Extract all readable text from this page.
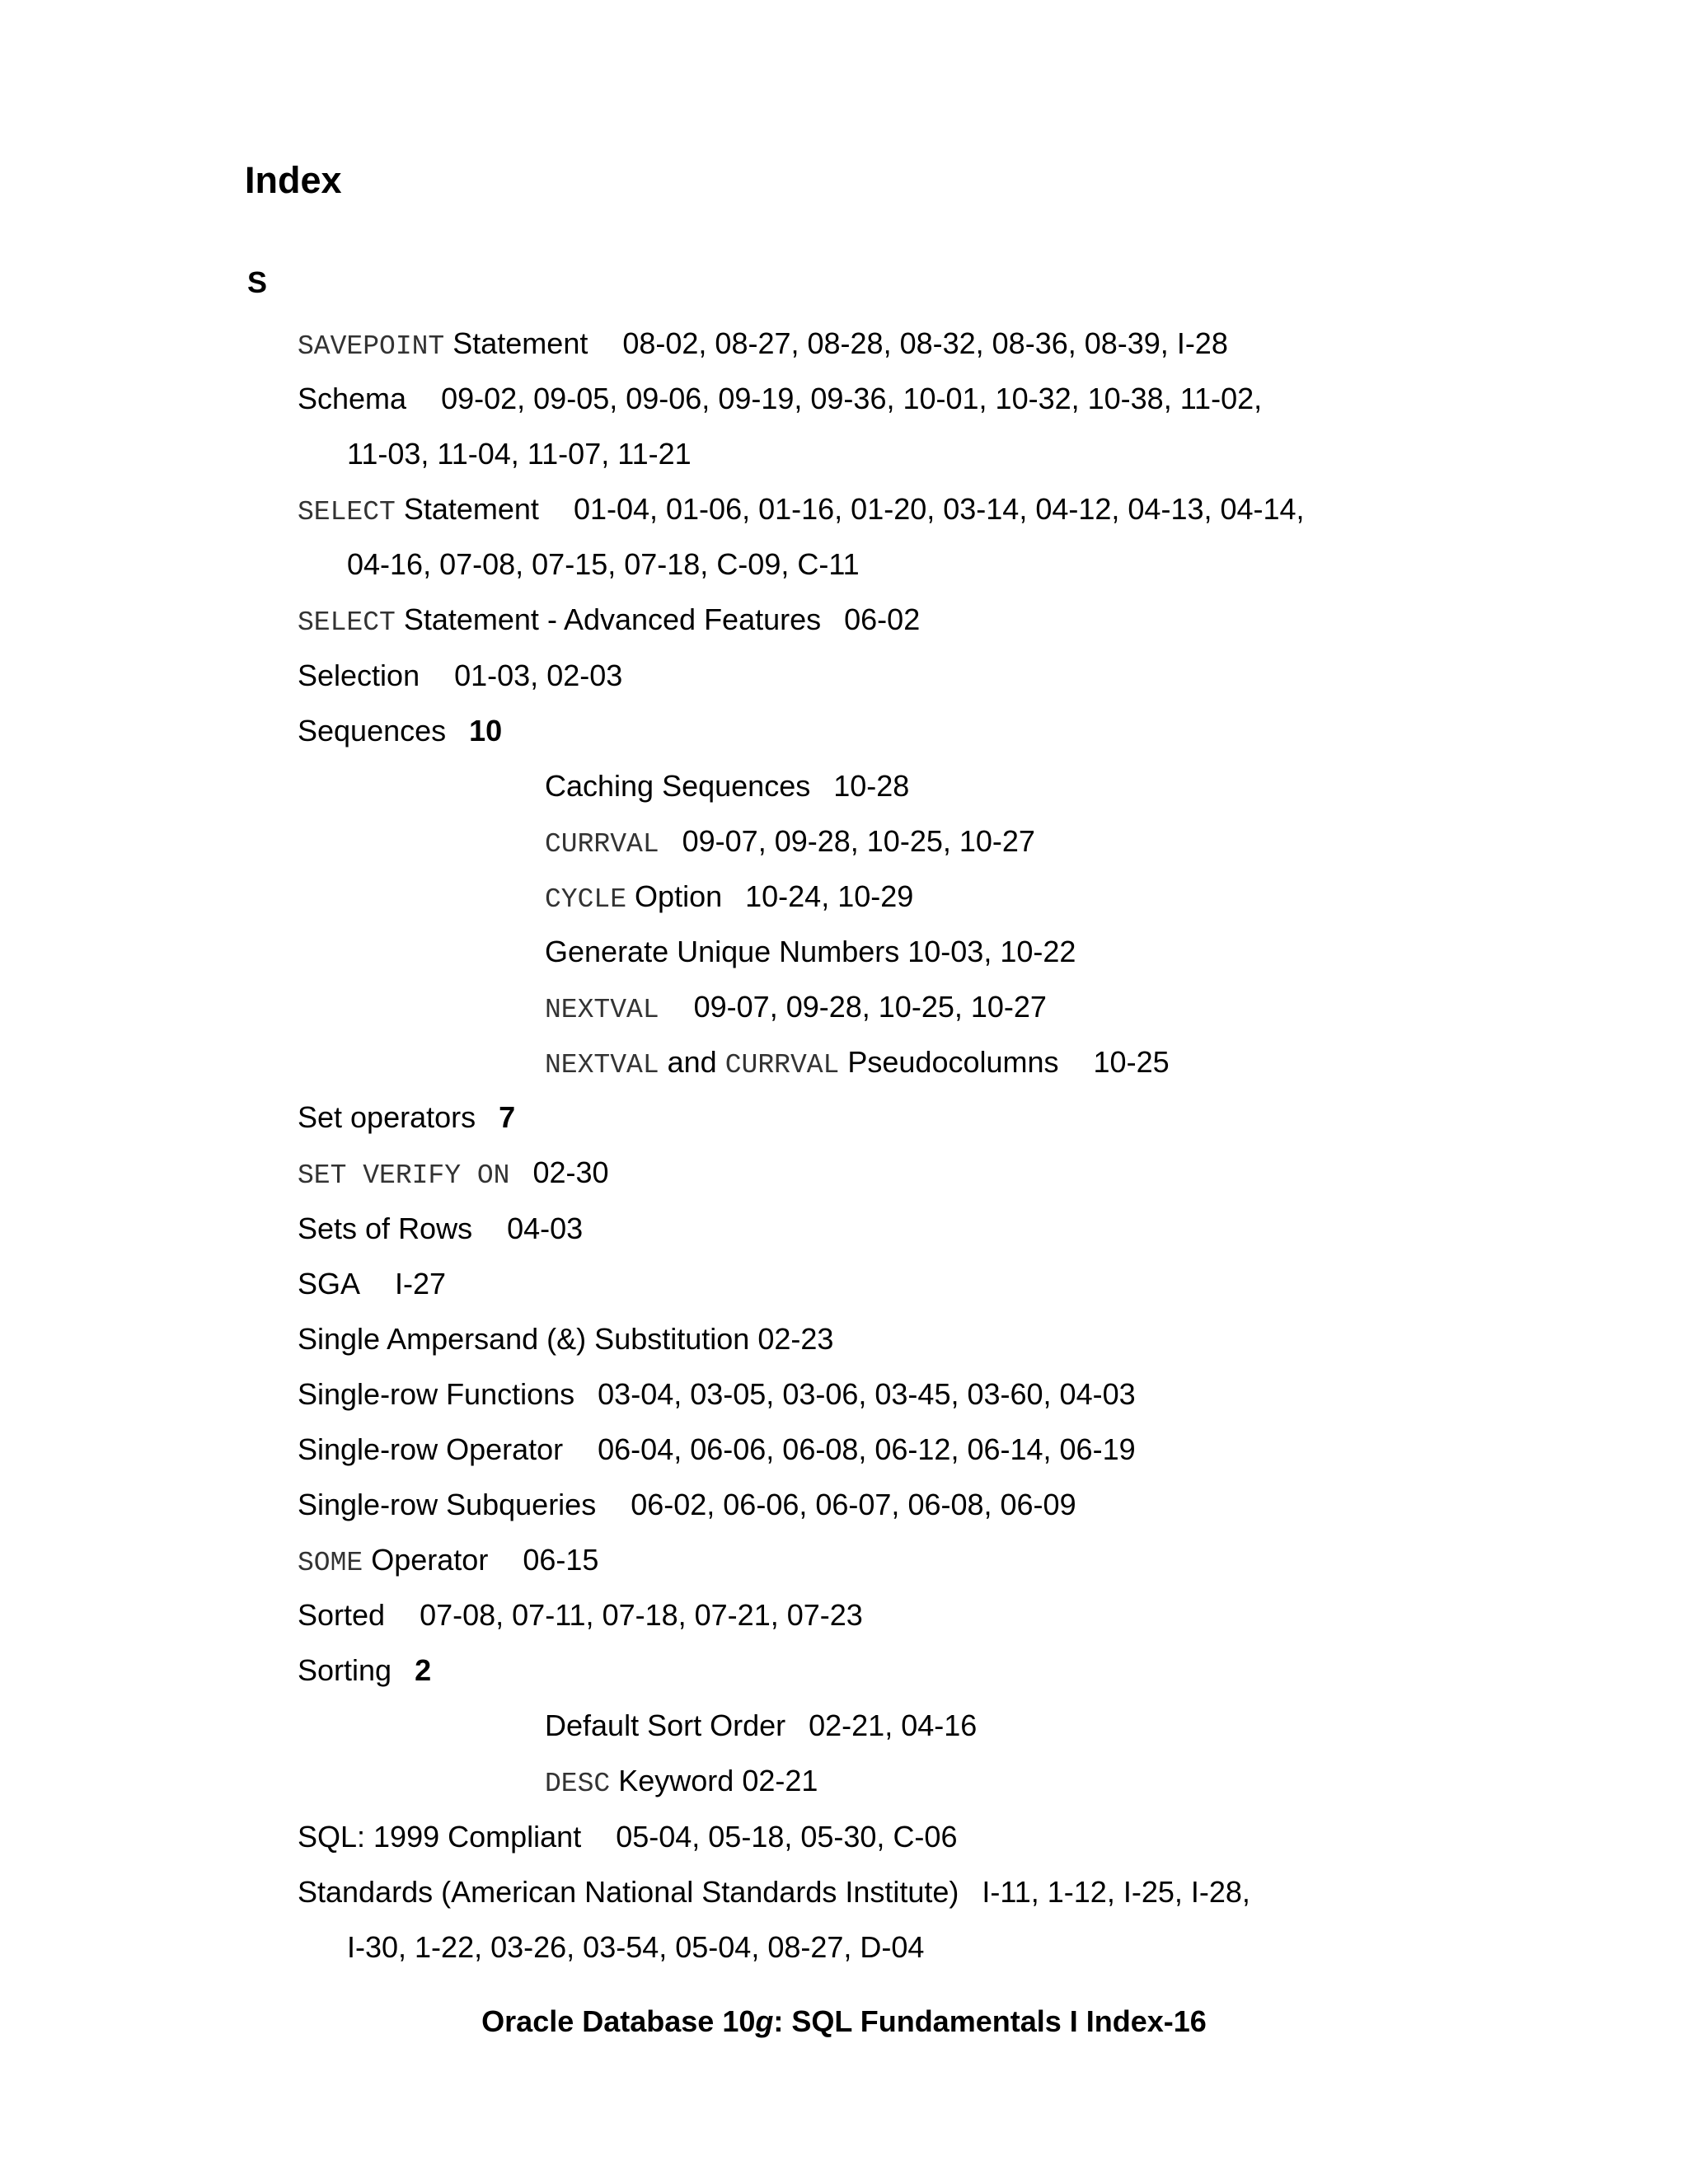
Index
S
SAVEPOINT Statement 08-02, 08-27, 08-28, 08-32, 08-36, 08-39, I-28
Schema 09-02, 09-05, 09-06, 09-19, 09-36, 10-01, 10-32, 10-38, 11-02,
11-03, 11-04, 11-07, 11-21
SELECT Statement 01-04, 01-06, 01-16, 01-20, 03-14, 04-12, 04-13, 04-14,
04-16, 07-08, 07-15, 07-18, C-09, C-11
SELECT Statement - Advanced Features 06-02
Selection 01-03, 02-03
Sequences 10
Caching Sequences 10-28
CURRVAL 09-07, 09-28, 10-25, 10-27
CYCLE Option 10-24, 10-29
Generate Unique Numbers 10-03, 10-22
NEXTVAL 09-07, 09-28, 10-25, 10-27
NEXTVAL and CURRVAL Pseudocolumns 10-25
Set operators 7
SET VERIFY ON 02-30
Sets of Rows 04-03
SGA I-27
Single Ampersand (&) Substitution 02-23
Single-row Functions 03-04, 03-05, 03-06, 03-45, 03-60, 04-03
Single-row Operator 06-04, 06-06, 06-08, 06-12, 06-14, 06-19
Single-row Subqueries 06-02, 06-06, 06-07, 06-08, 06-09
SOME Operator 06-15
Sorted 07-08, 07-11, 07-18, 07-21, 07-23
Sorting 2
Default Sort Order 02-21, 04-16
DESC Keyword 02-21
SQL: 1999 Compliant 05-04, 05-18, 05-30, C-06
Standards (American National Standards Institute) I-11, 1-12, I-25, I-28,
I-30, 1-22, 03-26, 03-54, 05-04, 08-27, D-04
Oracle Database 10g: SQL Fundamentals I Index-16
